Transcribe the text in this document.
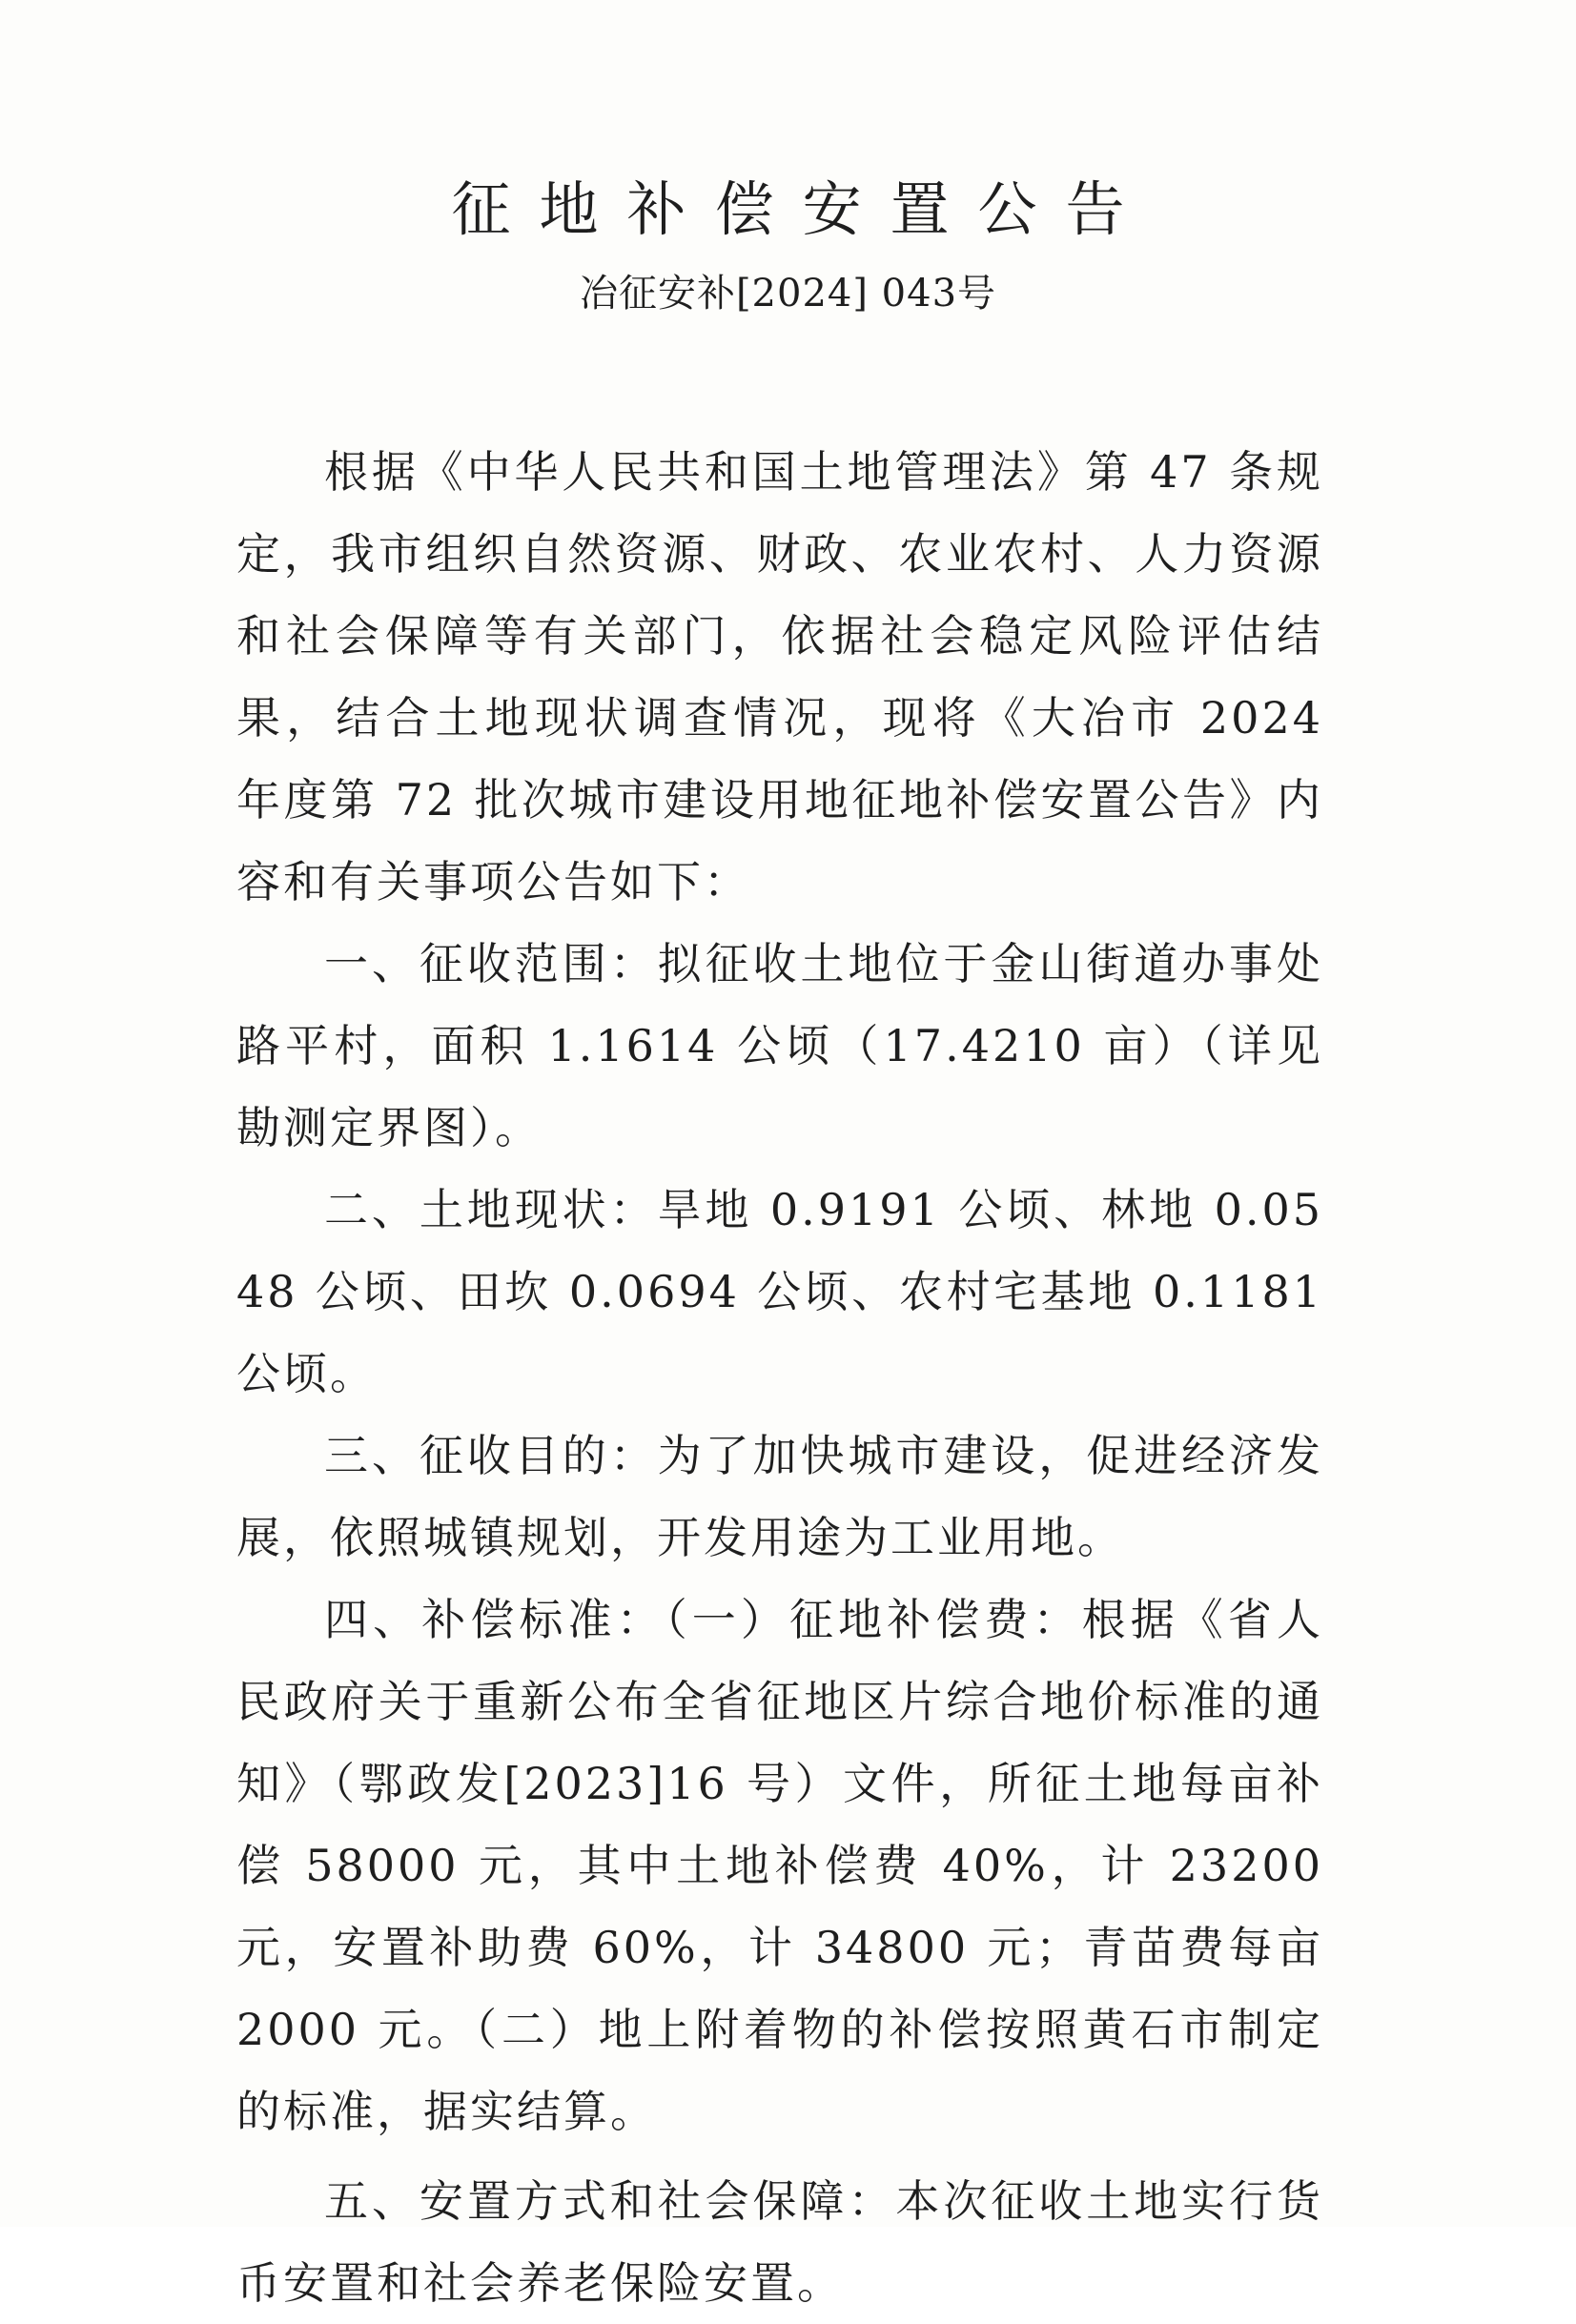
征地补偿安置公告
冶征安补[2024] 043号

根据《中华人民共和国土地管理法》第 47 条规定，我市组织自然资源、财政、农业农村、人力资源和社会保障等有关部门，依据社会稳定风险评估结果，结合土地现状调查情况，现将《大冶市 2024 年度第 72 批次城市建设用地征地补偿安置公告》内容和有关事项公告如下：

一、征收范围：拟征收土地位于金山街道办事处路平村，面积 1.1614 公顷（17.4210 亩）（详见勘测定界图）。

二、土地现状：旱地 0.9191 公顷、林地 0.0548 公顷、田坎 0.0694 公顷、农村宅基地 0.1181 公顷。

三、征收目的：为了加快城市建设，促进经济发展，依照城镇规划，开发用途为工业用地。

四、补偿标准：（一）征地补偿费：根据《省人民政府关于重新公布全省征地区片综合地价标准的通知》（鄂政发[2023]16 号）文件，所征土地每亩补偿 58000 元，其中土地补偿费 40%，计 23200 元，安置补助费 60%，计 34800 元；青苗费每亩 2000 元。（二）地上附着物的补偿按照黄石市制定的标准，据实结算。

五、安置方式和社会保障：本次征收土地实行货币安置和社会养老保险安置。
